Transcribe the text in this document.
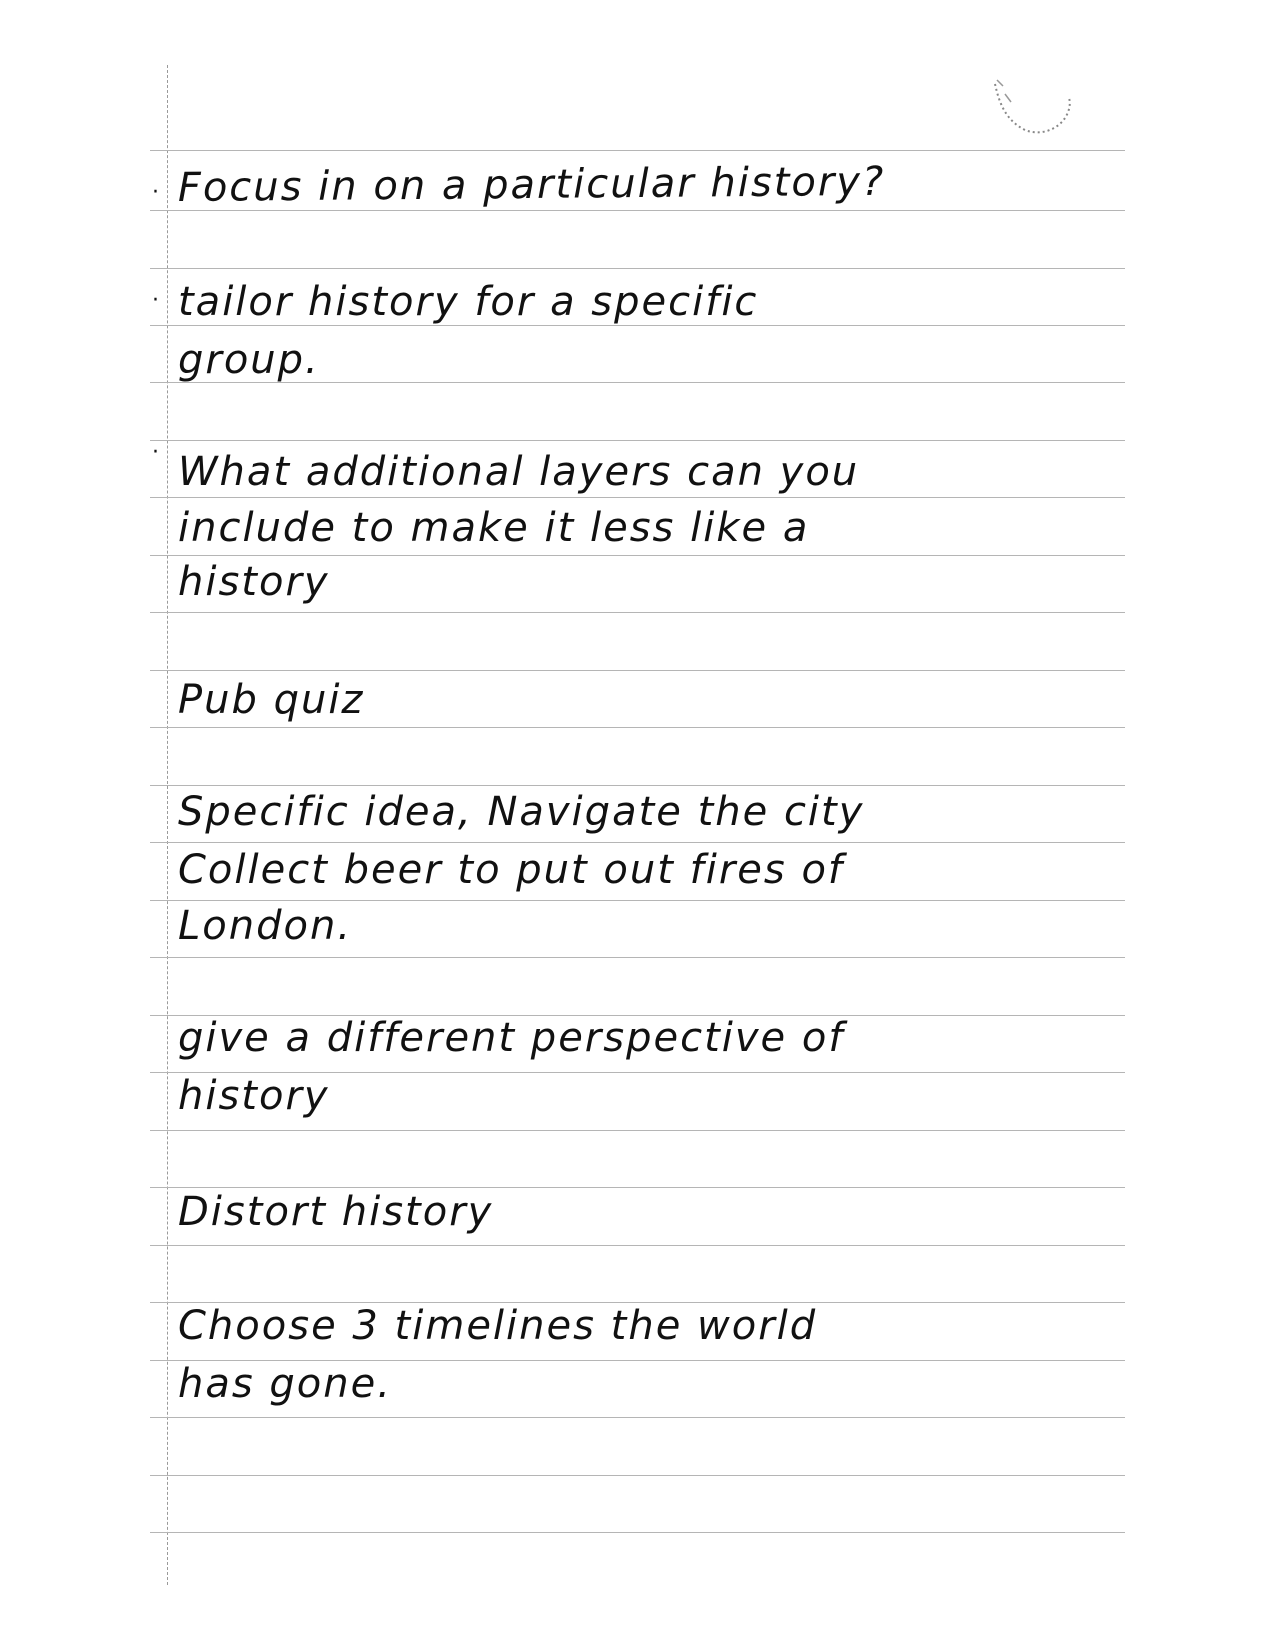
· Focus in on a particular history?
· tailor history for a specific
group.
· What additional layers can you
include to make it less like a
history
Pub quiz
Specific idea, Navigate the city
Collect beer to put out fires of
London.
give a different perspective of
history
Distort history
Choose 3 timelines the world
has gone.
